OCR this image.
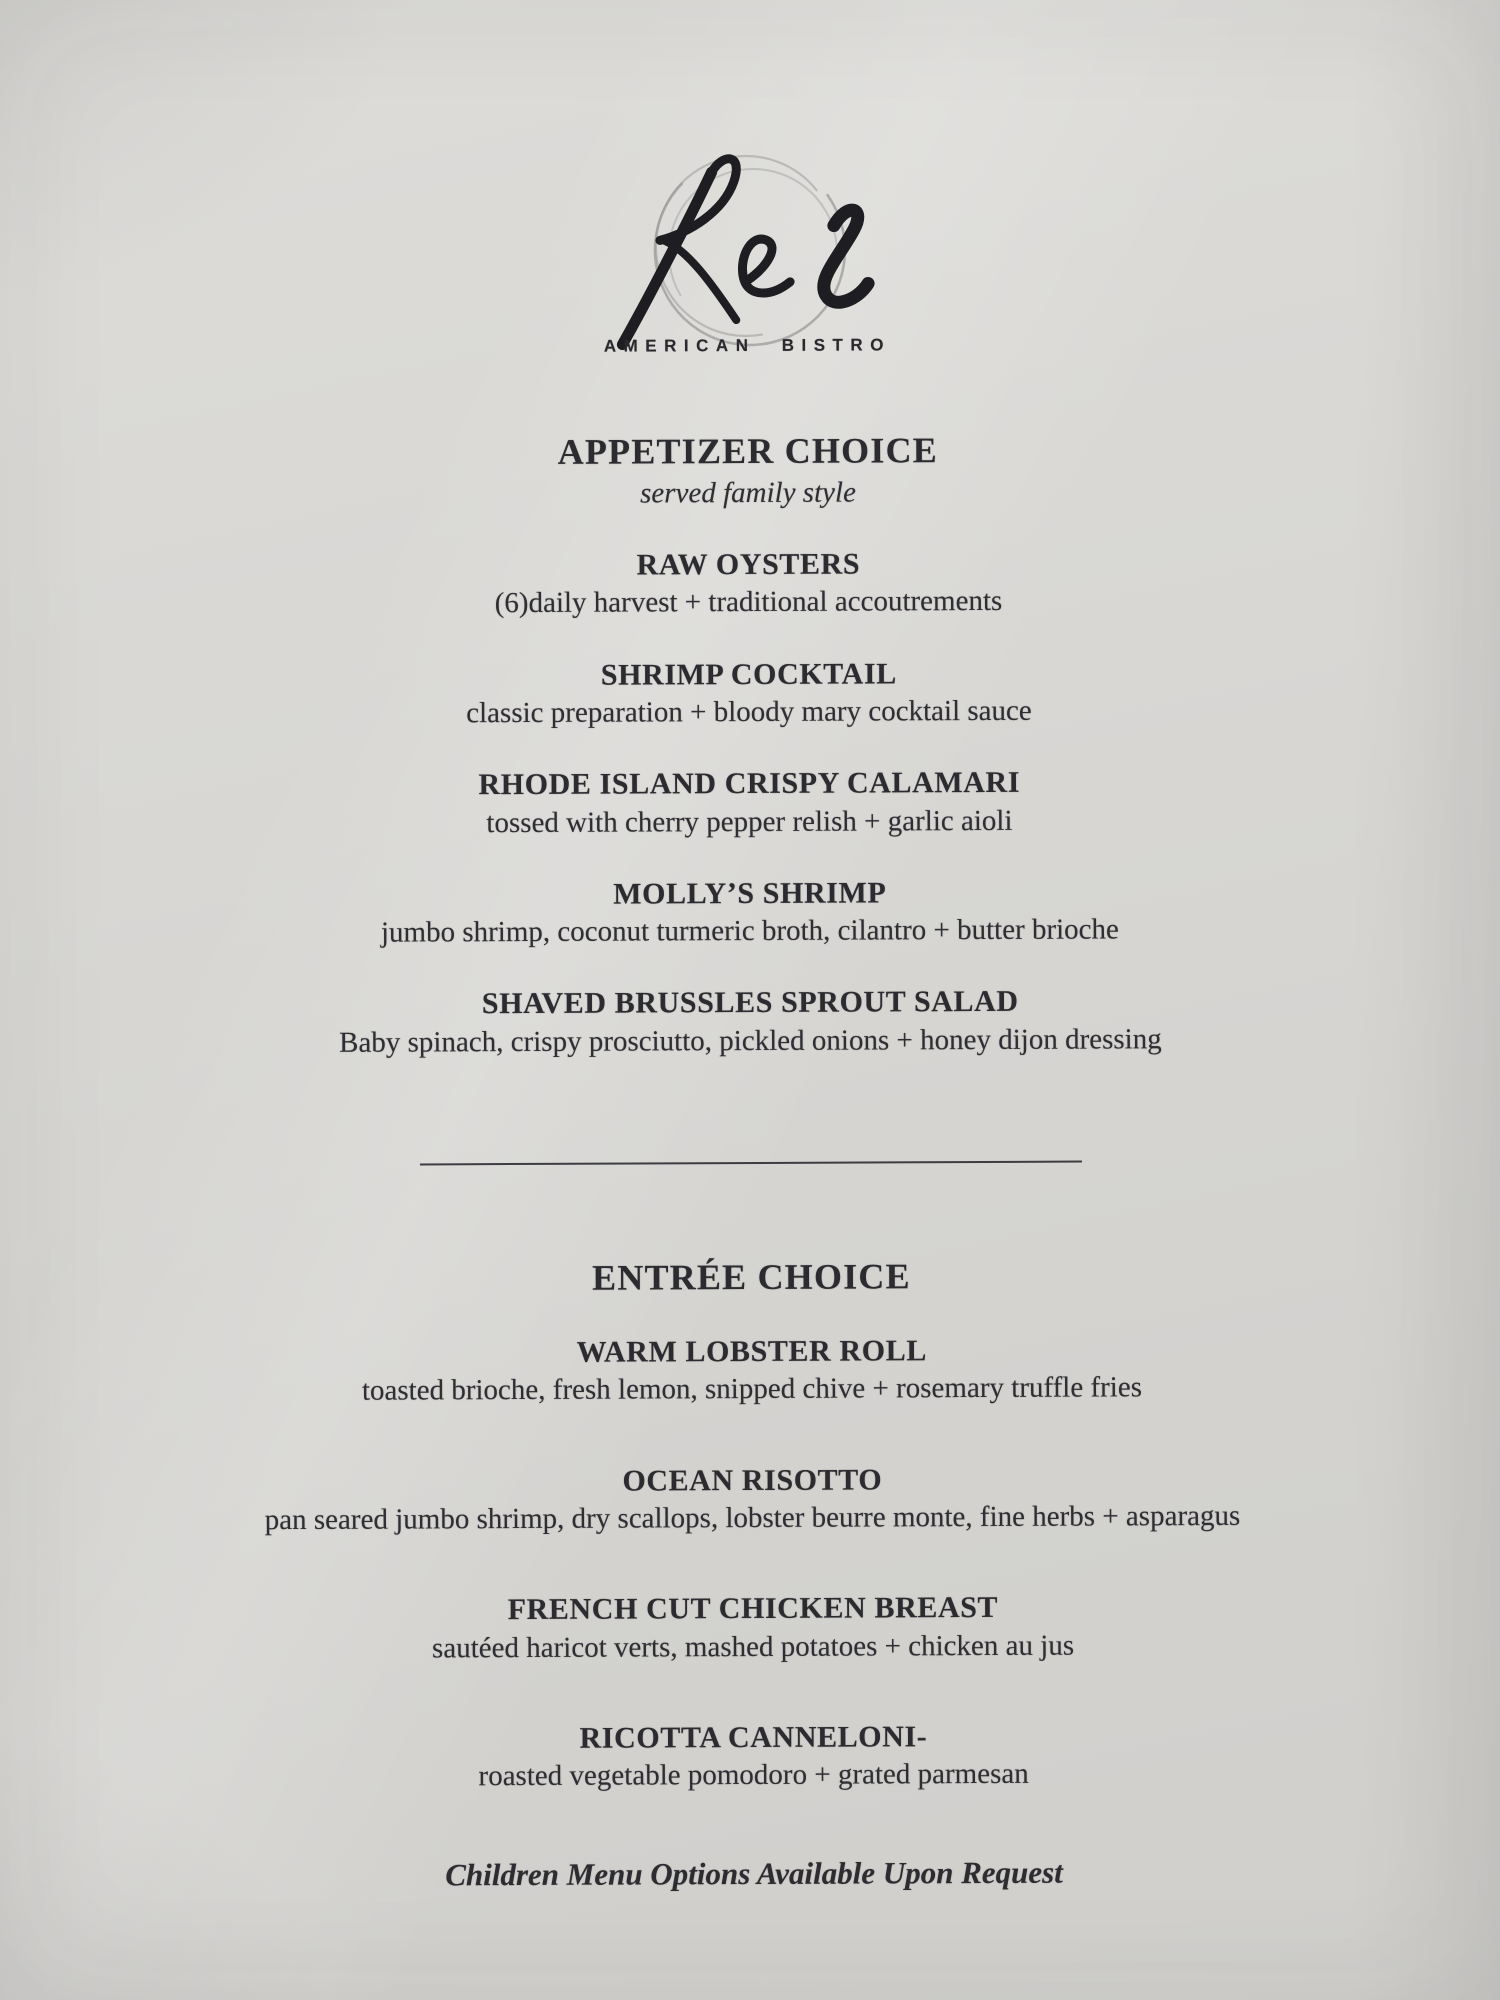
AMERICAN BISTRO
APPETIZER CHOICE
served family style
RAW OYSTERS
(6)daily harvest + traditional accoutrements
SHRIMP COCKTAIL
classic preparation + bloody mary cocktail sauce
RHODE ISLAND CRISPY CALAMARI
tossed with cherry pepper relish + garlic aioli
MOLLY’S SHRIMP
jumbo shrimp, coconut turmeric broth, cilantro + butter brioche
SHAVED BRUSSLES SPROUT SALAD
Baby spinach, crispy prosciutto, pickled onions + honey dijon dressing
ENTRÉE CHOICE
WARM LOBSTER ROLL
toasted brioche, fresh lemon, snipped chive + rosemary truffle fries
OCEAN RISOTTO
pan seared jumbo shrimp, dry scallops, lobster beurre monte, fine herbs + asparagus
FRENCH CUT CHICKEN BREAST
sautéed haricot verts, mashed potatoes + chicken au jus
RICOTTA CANNELONI-
roasted vegetable pomodoro + grated parmesan
Children Menu Options Available Upon Request
